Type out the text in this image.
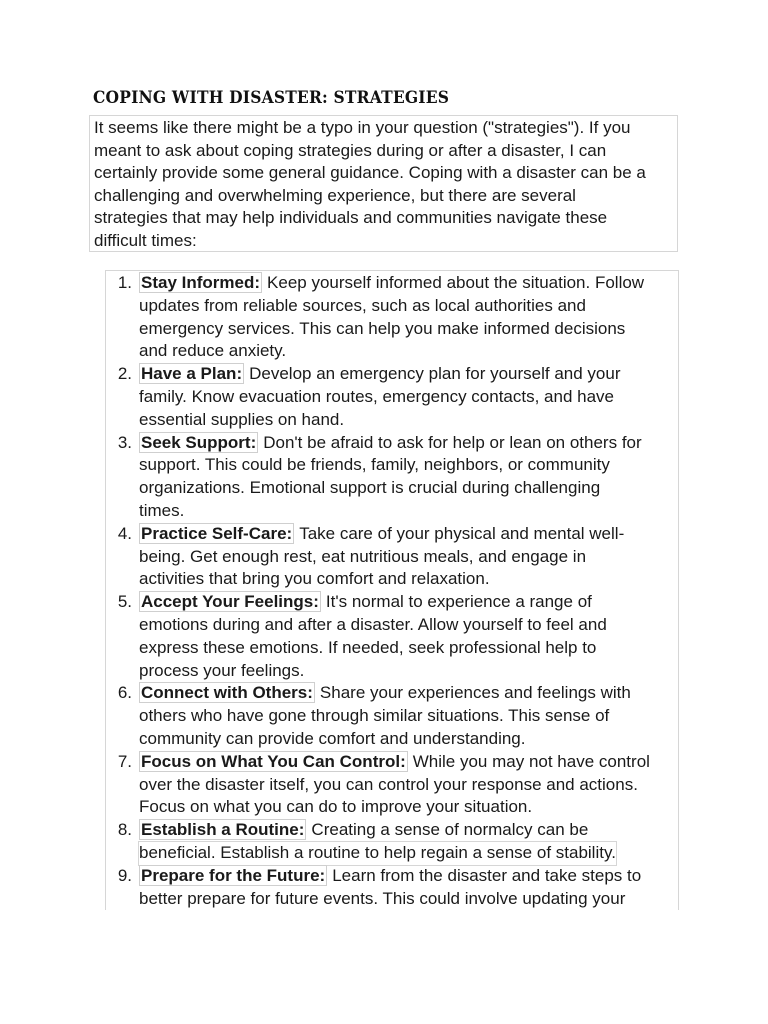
COPING WITH DISASTER: STRATEGIES
It seems like there might be a typo in your question ("strategies"). If you
meant to ask about coping strategies during or after a disaster, I can
certainly provide some general guidance. Coping with a disaster can be a
challenging and overwhelming experience, but there are several
strategies that may help individuals and communities navigate these
difficult times:
1. Stay Informed: Keep yourself informed about the situation. Follow
updates from reliable sources, such as local authorities and
emergency services. This can help you make informed decisions
and reduce anxiety.
2. Have a Plan: Develop an emergency plan for yourself and your
family. Know evacuation routes, emergency contacts, and have
essential supplies on hand.
3. Seek Support: Don't be afraid to ask for help or lean on others for
support. This could be friends, family, neighbors, or community
organizations. Emotional support is crucial during challenging
times.
4. Practice Self-Care: Take care of your physical and mental well-
being. Get enough rest, eat nutritious meals, and engage in
activities that bring you comfort and relaxation.
5. Accept Your Feelings: It's normal to experience a range of
emotions during and after a disaster. Allow yourself to feel and
express these emotions. If needed, seek professional help to
process your feelings.
6. Connect with Others: Share your experiences and feelings with
others who have gone through similar situations. This sense of
community can provide comfort and understanding.
7. Focus on What You Can Control: While you may not have control
over the disaster itself, you can control your response and actions.
Focus on what you can do to improve your situation.
8. Establish a Routine: Creating a sense of normalcy can be
beneficial. Establish a routine to help regain a sense of stability.
9. Prepare for the Future: Learn from the disaster and take steps to
better prepare for future events. This could involve updating your
